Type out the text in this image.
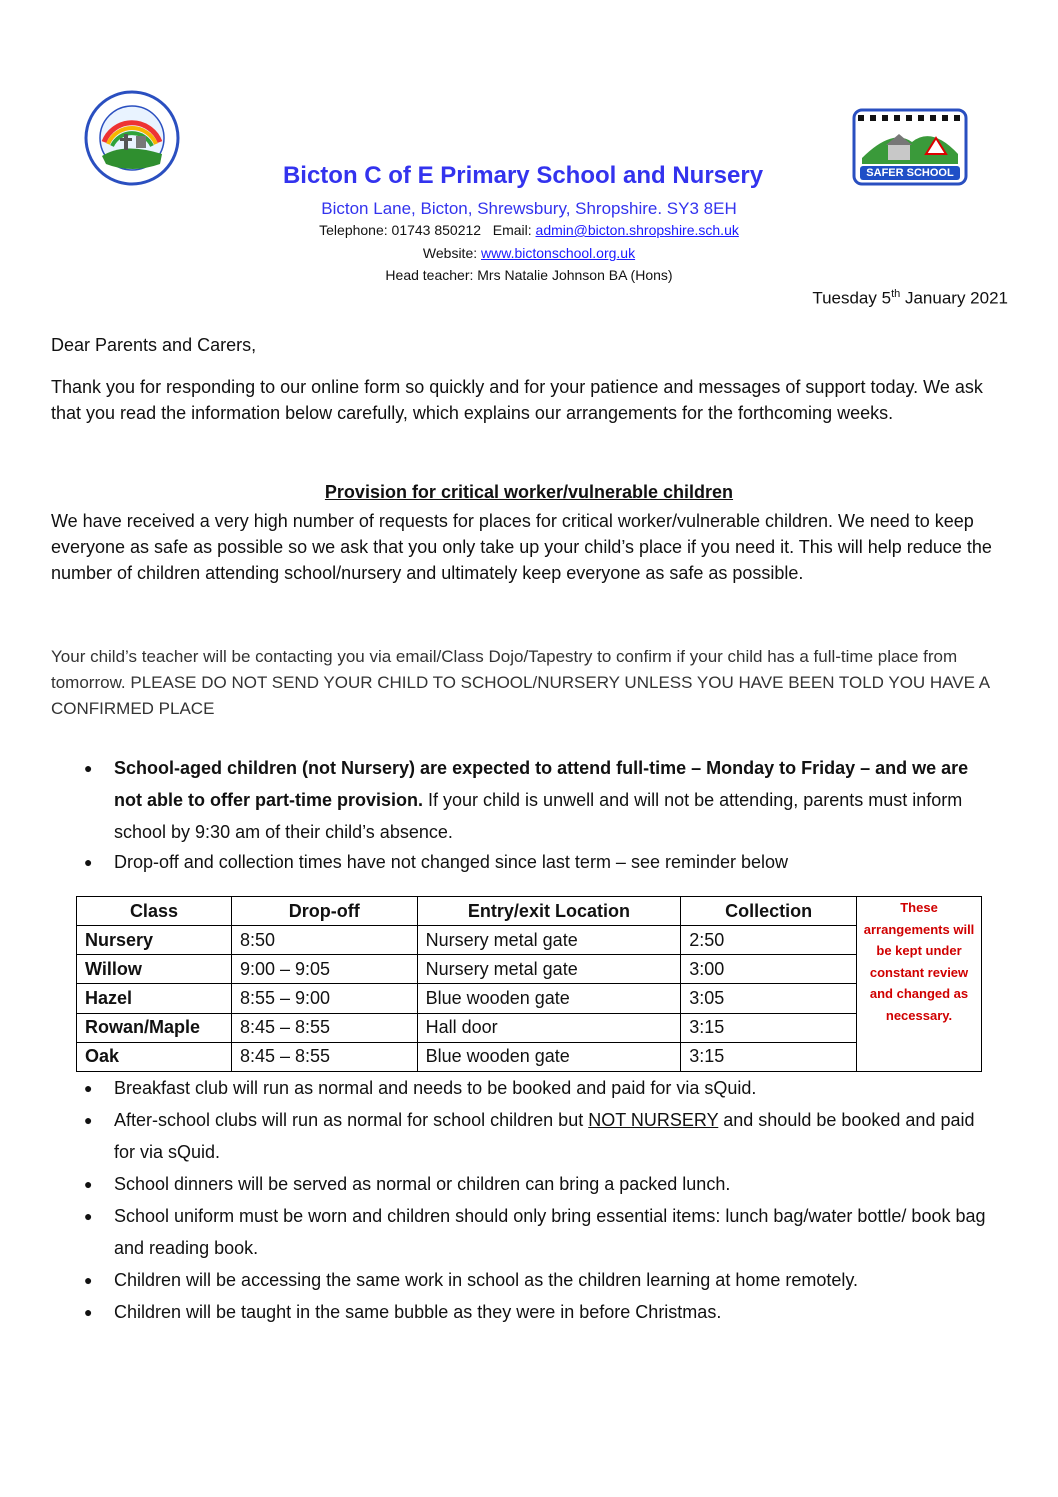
SAFER SCHOOL
Bicton C of E Primary School and Nursery
Bicton Lane, Bicton, Shrewsbury, Shropshire. SY3 8EH
Telephone: 01743 850212 Email: admin@bicton.shropshire.sch.uk
Website: www.bictonschool.org.uk
Head teacher: Mrs Natalie Johnson BA (Hons)
Tuesday 5th January 2021
Dear Parents and Carers,
Thank you for responding to our online form so quickly and for your patience and messages of support today. We ask that you read the information below carefully, which explains our arrangements for the forthcoming weeks.
Provision for critical worker/vulnerable children
We have received a very high number of requests for places for critical worker/vulnerable children. We need to keep everyone as safe as possible so we ask that you only take up your child’s place if you need it. This will help reduce the number of children attending school/nursery and ultimately keep everyone as safe as possible.
Your child’s teacher will be contacting you via email/Class Dojo/Tapestry to confirm if your child has a full-time place from tomorrow. PLEASE DO NOT SEND YOUR CHILD TO SCHOOL/NURSERY UNLESS YOU HAVE BEEN TOLD YOU HAVE A CONFIRMED PLACE
● School-aged children (not Nursery) are expected to attend full-time – Monday to Friday – and we are not able to offer part-time provision. If your child is unwell and will not be attending, parents must inform school by 9:30 am of their child’s absence.
● Drop-off and collection times have not changed since last term – see reminder below
Class	Drop-off	Entry/exit Location	Collection	These arrangements will be kept under constant review and changed as necessary.
Nursery	8:50	Nursery metal gate	2:50	
Willow	9:00 – 9:05	Nursery metal gate	3:00	
Hazel	8:55 – 9:00	Blue wooden gate	3:05	
Rowan/Maple	8:45 – 8:55	Hall door	3:15	
Oak	8:45 – 8:55	Blue wooden gate	3:15	
● Breakfast club will run as normal and needs to be booked and paid for via sQuid.
● After-school clubs will run as normal for school children but NOT NURSERY and should be booked and paid for via sQuid.
● School dinners will be served as normal or children can bring a packed lunch.
● School uniform must be worn and children should only bring essential items: lunch bag/water bottle/ book bag and reading book.
● Children will be accessing the same work in school as the children learning at home remotely.
● Children will be taught in the same bubble as they were in before Christmas.
